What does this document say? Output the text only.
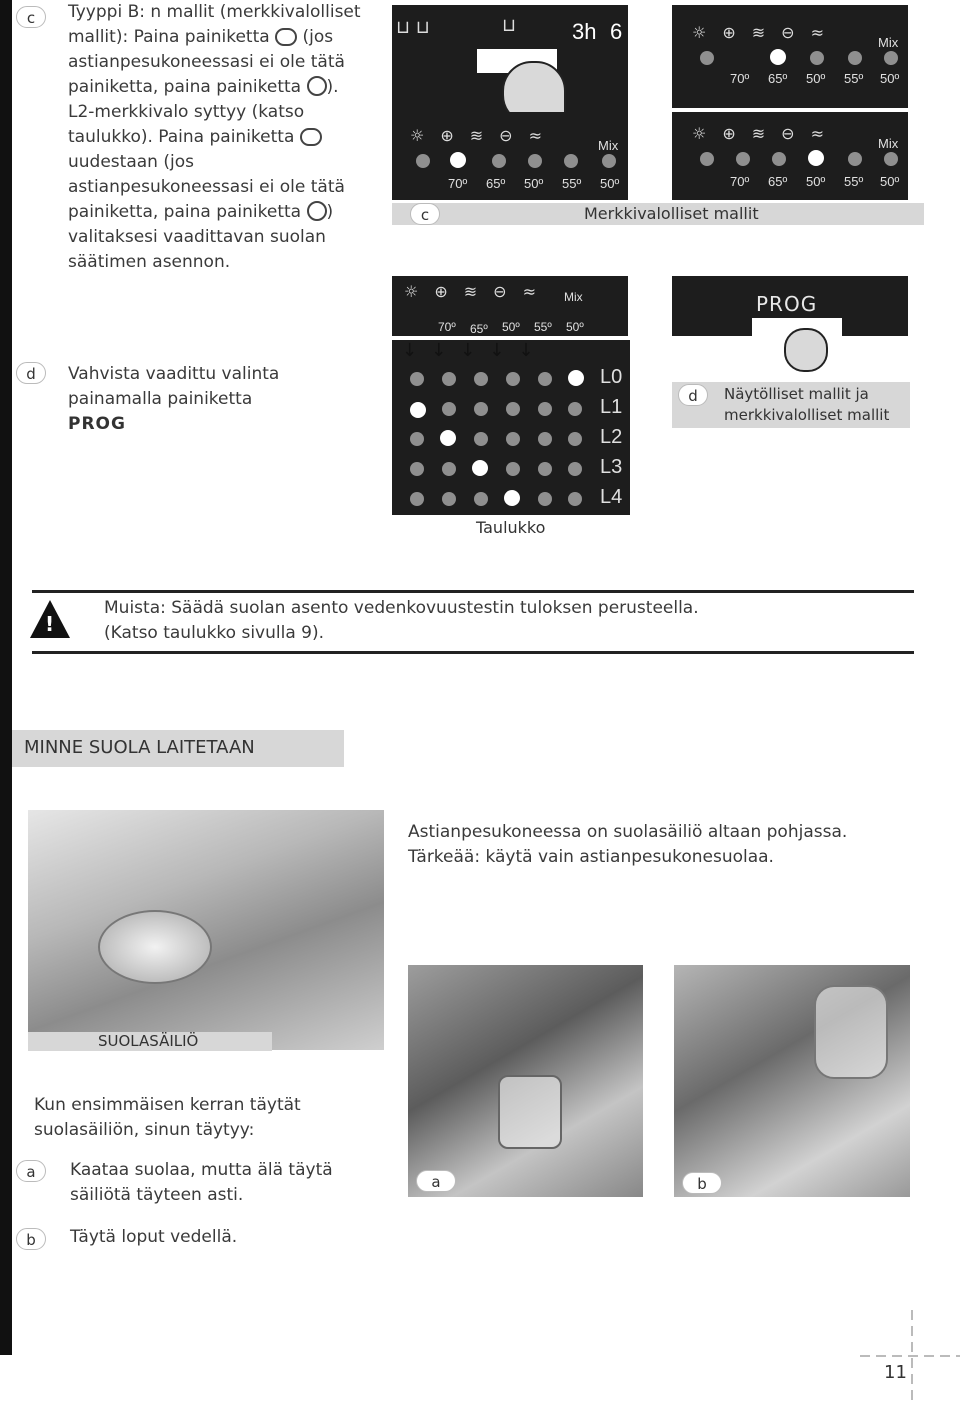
c	Tyyppi B: n mallit (merkkivalolliset mallit): Paina painiketta (jos astianpesukoneessasi ei ole tätä painiketta, paina painiketta ). L2-merkkivalo syttyy (katso taulukko). Paina painiketta  uudestaan (jos astianpesukoneessasi ei ole tätä painiketta, paina painiketta ) valitaksesi vaadittavan suolan säätimen asennon.
⊔ ⊔	⊔	3h 6	Mix
☼⊕≋⊖≈
70º 65º 50º 55º 50º
☼⊕≋⊖≈
Mix
70º 65º 50º 55º 50º
☼⊕≋⊖≈
Mix
70º 65º 50º 55º 50º
c	Merkkivalolliset mallit
☼⊕≋⊖≈ Mix
70º 65º 50º 55º 50º
PROG
d	Vahvista vaadittu valinta painamalla painiketta
PROG
↓↓↓↓↓
L0
L1
L2
L3
L4
Taulukko
d	Näytölliset mallit ja merkkivalolliset mallit
!
Muista: Säädä suolan asento vedenkovuustestin tuloksen perusteella.
(Katso taulukko sivulla 9).
MINNE SUOLA LAITETAAN
SUOLASÄILIÖ
Astianpesukoneessa on suolasäiliö altaan pohjassa.
Tärkeää: käytä vain astianpesukonesuolaa.
Kun ensimmäisen kerran täytät
suolasäiliön, sinun täytyy:
a	Kaataa suolaa, mutta älä täytä
säiliötä täyteen asti.
b	Täytä loput vedellä.
a	b
11
